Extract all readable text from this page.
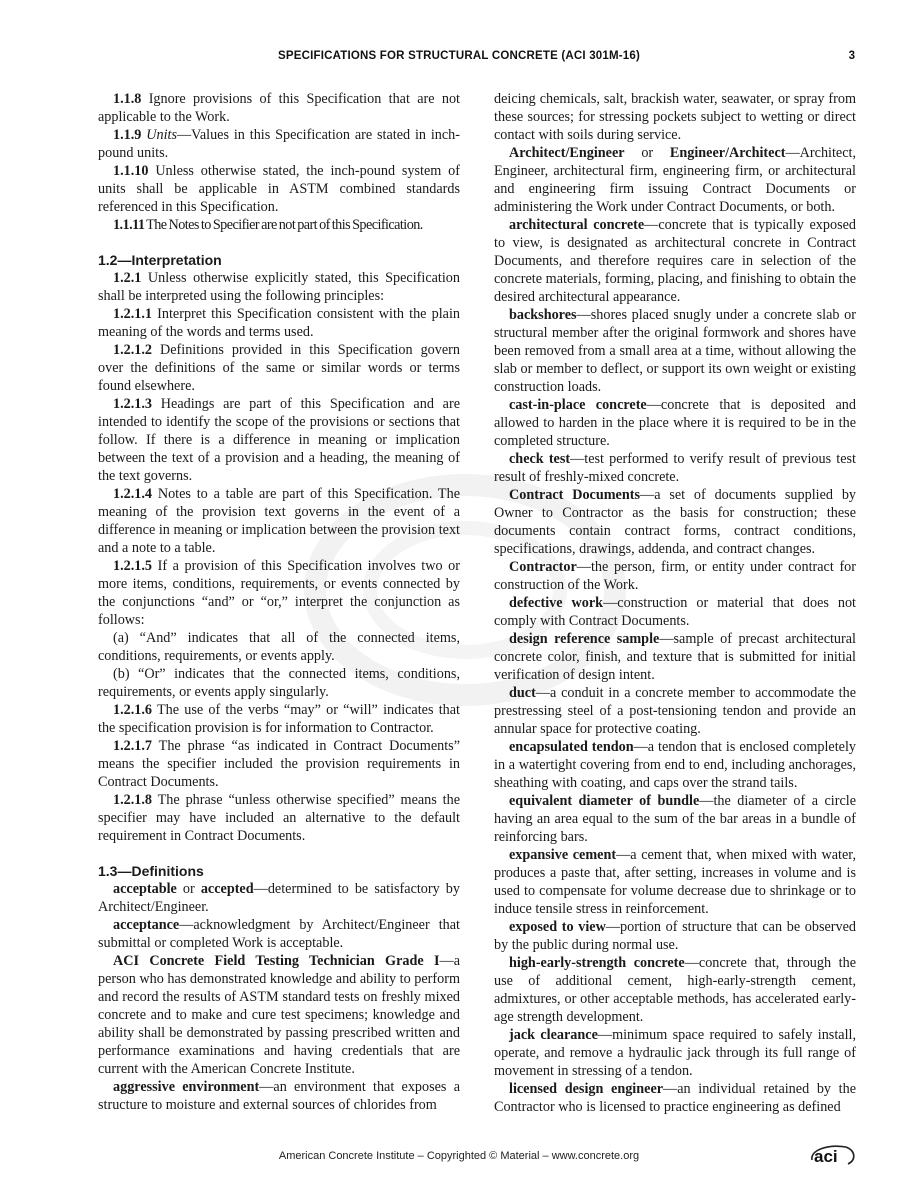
SPECIFICATIONS FOR STRUCTURAL CONCRETE (ACI 301M-16)	3

1.1.8 Ignore provisions of this Specification that are not applicable to the Work.

1.1.9 Units—Values in this Specification are stated in inch-pound units.

1.1.10 Unless otherwise stated, the inch-pound system of units shall be applicable in ASTM combined standards referenced in this Specification.

1.1.11 The Notes to Specifier are not part of this Specification.

1.2—Interpretation

1.2.1 Unless otherwise explicitly stated, this Specification shall be interpreted using the following principles:

1.2.1.1 Interpret this Specification consistent with the plain meaning of the words and terms used.

1.2.1.2 Definitions provided in this Specification govern over the definitions of the same or similar words or terms found elsewhere.

1.2.1.3 Headings are part of this Specification and are intended to identify the scope of the provisions or sections that follow. If there is a difference in meaning or implication between the text of a provision and a heading, the meaning of the text governs.

1.2.1.4 Notes to a table are part of this Specification. The meaning of the provision text governs in the event of a difference in meaning or implication between the provision text and a note to a table.

1.2.1.5 If a provision of this Specification involves two or more items, conditions, requirements, or events connected by the conjunctions “and” or “or,” interpret the conjunction as follows:

(a) “And” indicates that all of the connected items, conditions, requirements, or events apply.

(b) “Or” indicates that the connected items, conditions, requirements, or events apply singularly.

1.2.1.6 The use of the verbs “may” or “will” indicates that the specification provision is for information to Contractor.

1.2.1.7 The phrase “as indicated in Contract Documents” means the specifier included the provision requirements in Contract Documents.

1.2.1.8 The phrase “unless otherwise specified” means the specifier may have included an alternative to the default requirement in Contract Documents.

1.3—Definitions

acceptable or accepted—determined to be satisfactory by Architect/Engineer.

acceptance—acknowledgment by Architect/Engineer that submittal or completed Work is acceptable.

ACI Concrete Field Testing Technician Grade I—a person who has demonstrated knowledge and ability to perform and record the results of ASTM standard tests on freshly mixed concrete and to make and cure test specimens; knowledge and ability shall be demonstrated by passing prescribed written and performance examinations and having credentials that are current with the American Concrete Institute.

aggressive environment—an environment that exposes a structure to moisture and external sources of chlorides from

deicing chemicals, salt, brackish water, seawater, or spray from these sources; for stressing pockets subject to wetting or direct contact with soils during service.

Architect/Engineer or Engineer/Architect—Architect, Engineer, architectural firm, engineering firm, or architectural and engineering firm issuing Contract Documents or administering the Work under Contract Documents, or both.

architectural concrete—concrete that is typically exposed to view, is designated as architectural concrete in Contract Documents, and therefore requires care in selection of the concrete materials, forming, placing, and finishing to obtain the desired architectural appearance.

backshores—shores placed snugly under a concrete slab or structural member after the original formwork and shores have been removed from a small area at a time, without allowing the slab or member to deflect, or support its own weight or existing construction loads.

cast-in-place concrete—concrete that is deposited and allowed to harden in the place where it is required to be in the completed structure.

check test—test performed to verify result of previous test result of freshly-mixed concrete.

Contract Documents—a set of documents supplied by Owner to Contractor as the basis for construction; these documents contain contract forms, contract conditions, specifications, drawings, addenda, and contract changes.

Contractor—the person, firm, or entity under contract for construction of the Work.

defective work—construction or material that does not comply with Contract Documents.

design reference sample—sample of precast architectural concrete color, finish, and texture that is submitted for initial verification of design intent.

duct—a conduit in a concrete member to accommodate the prestressing steel of a post-tensioning tendon and provide an annular space for protective coating.

encapsulated tendon—a tendon that is enclosed completely in a watertight covering from end to end, including anchorages, sheathing with coating, and caps over the strand tails.

equivalent diameter of bundle—the diameter of a circle having an area equal to the sum of the bar areas in a bundle of reinforcing bars.

expansive cement—a cement that, when mixed with water, produces a paste that, after setting, increases in volume and is used to compensate for volume decrease due to shrinkage or to induce tensile stress in reinforcement.

exposed to view—portion of structure that can be observed by the public during normal use.

high-early-strength concrete—concrete that, through the use of additional cement, high-early-strength cement, admixtures, or other acceptable methods, has accelerated early-age strength development.

jack clearance—minimum space required to safely install, operate, and remove a hydraulic jack through its full range of movement in stressing of a tendon.

licensed design engineer—an individual retained by the Contractor who is licensed to practice engineering as defined

American Concrete Institute – Copyrighted © Material – www.concrete.org	aci
